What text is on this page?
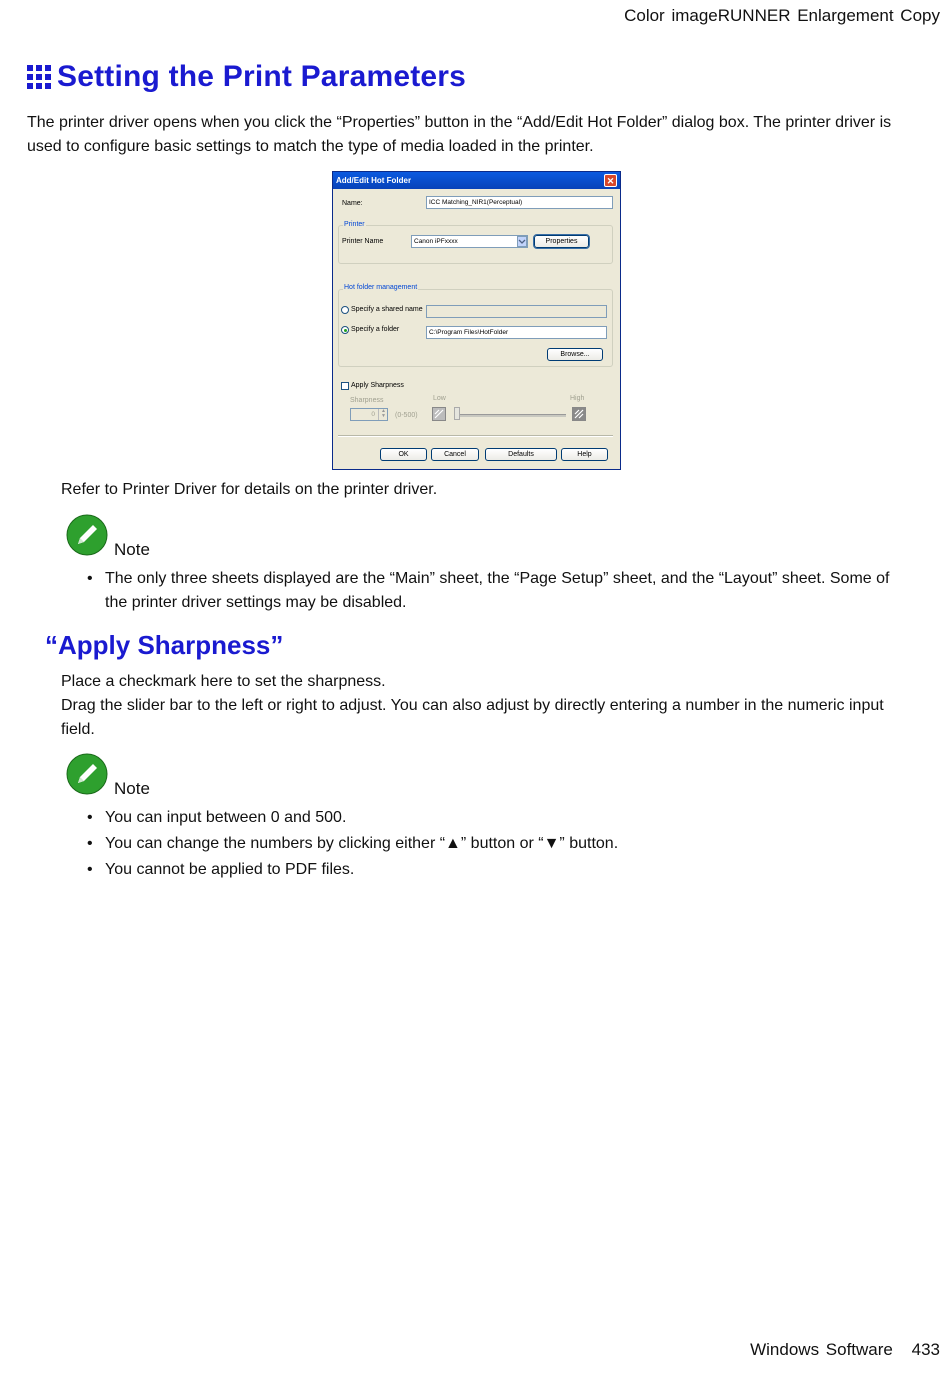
Color imageRUNNER Enlargement Copy
Setting the Print Parameters
The printer driver opens when you click the “Properties” button in the “Add/Edit Hot Folder” dialog box. The printer driver is used to configure basic settings to match the type of media loaded in the printer.
Add/Edit Hot Folder	✕
Name:	ICC Matching_NIR1(Perceptual)
Printer
Printer Name	Canon iPFxxxx	Properties
Hot folder management
Specify a shared name
Specify a folder	C:\Program Files\HotFolder
Browse...
Apply Sharpness
Sharpness
0	▲
▼ (0-500)
Low	High
OK	Cancel	Defaults	Help
Refer to Printer Driver for details on the printer driver.
Note
• The only three sheets displayed are the “Main” sheet, the “Page Setup” sheet, and the “Layout” sheet. Some of the printer driver settings may be disabled.
“Apply Sharpness”
Place a checkmark here to set the sharpness.
Drag the slider bar to the left or right to adjust. You can also adjust by directly entering a number in the numeric input field.
Note
• You can input between 0 and 500.
• You can change the numbers by clicking either “▲” button or “▼” button.
• You cannot be applied to PDF files.
Windows Software 433
